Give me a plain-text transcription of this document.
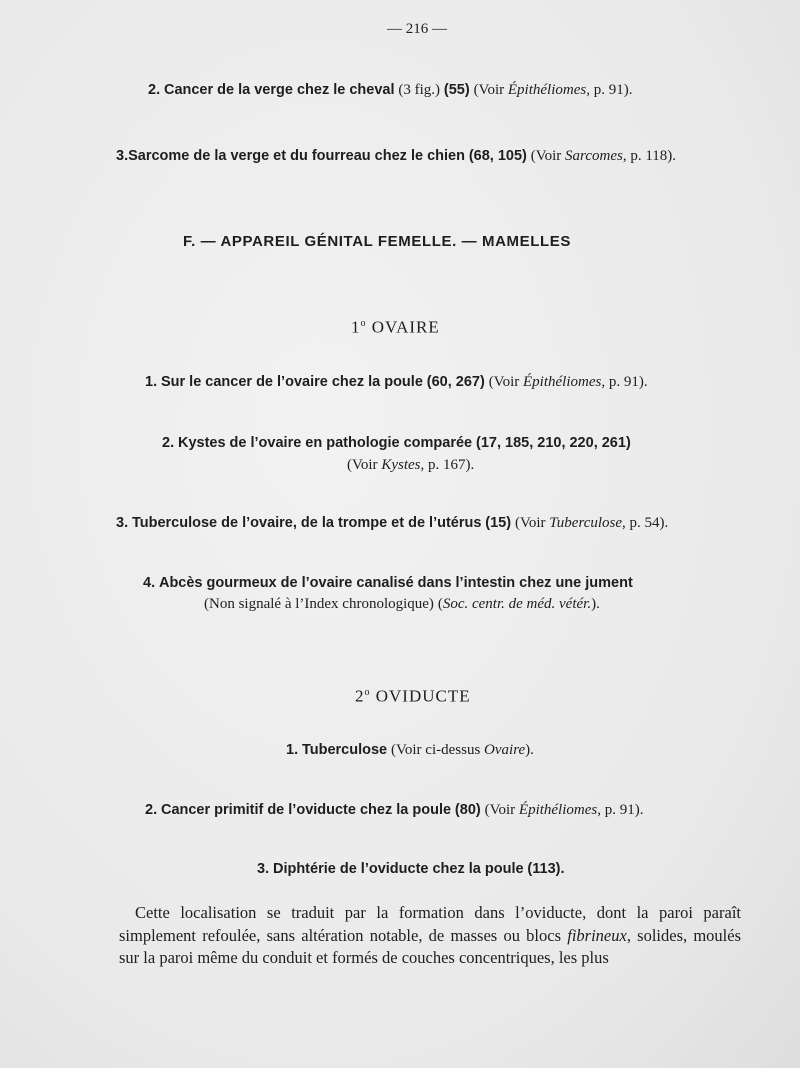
— 216 —
2. Cancer de la verge chez le cheval (3 fig.) (55) (Voir Épithéliomes, p. 91).
3.Sarcome de la verge et du fourreau chez le chien (68, 105) (Voir Sarcomes, p. 118).
F. — APPAREIL GÉNITAL FEMELLE. — MAMELLES
1$^o$ OVAIRE
1. Sur le cancer de l’ovaire chez la poule (60, 267) (Voir Épithéliomes, p. 91).
2. Kystes de l’ovaire en pathologie comparée (17, 185, 210, 220, 261)
(Voir Kystes, p. 167).
3. Tuberculose de l’ovaire, de la trompe et de l’utérus (15) (Voir Tuberculose, p. 54).
4. Abcès gourmeux de l’ovaire canalisé dans l’intestin chez une jument
(Non signalé à l’Index chronologique) (Soc. centr. de méd. vétér.).
2$^o$ OVIDUCTE
1. Tuberculose (Voir ci-dessus Ovaire).
2. Cancer primitif de l’oviducte chez la poule (80) (Voir Épithéliomes, p. 91).
3. Diphtérie de l’oviducte chez la poule (113).

Cette localisation se traduit par la formation dans l’oviducte, dont la paroi paraît simplement refoulée, sans altération notable, de masses ou blocs fibrineux, solides, moulés sur la paroi même du conduit et formés de couches concentriques, les plus
